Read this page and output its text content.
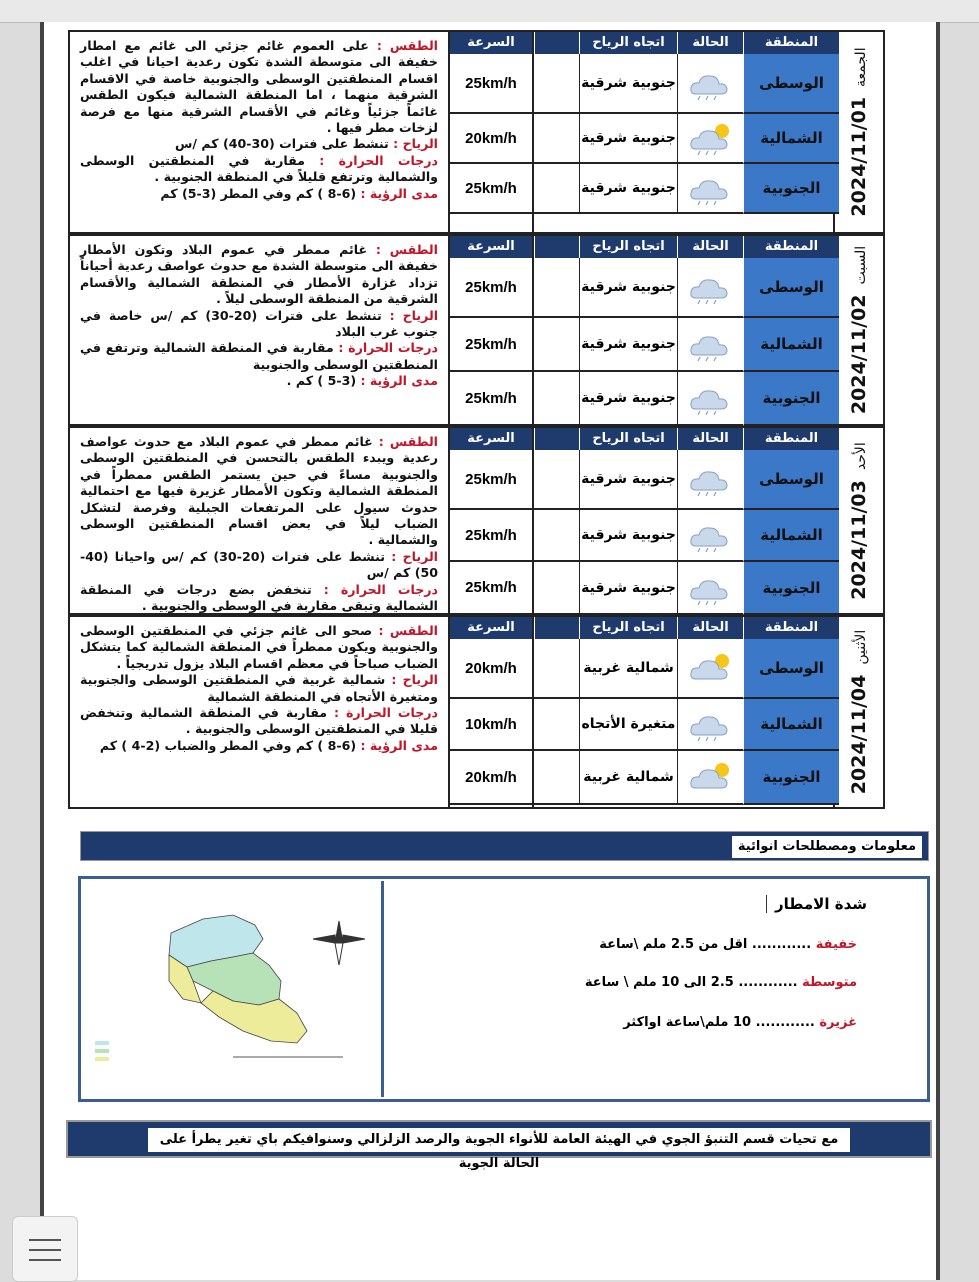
الجمعة2024/11/01
المنطقة
الحالة
اتجاه الرياح
الوسطى
جنوبية شرقية
الشمالية
جنوبية شرقية
الجنوبية
جنوبية شرقية
الطقس : على العموم غائم جزئي الى غائم مع امطار خفيفة الى متوسطة الشدة تكون رعدية احيانا في اغلب اقسام المنطقتين الوسطى والجنوبية خاصة في الاقسام الشرقية منهما ، اما المنطقة الشمالية فيكون الطقس غائماً جزئياً وغائم في الأقسام الشرقية منها مع فرصة لزخات مطر فيها .
الرياح : تنشط على فترات (30-40) كم /س
درجات الحرارة : مقاربة في المنطقتين الوسطى والشمالية وترتفع قليلاً في المنطقة الجنوبية .
مدى الرؤية : (6-8 ) كم وفي المطر (3-5) كم
السرعة
25km/h
20km/h
25km/h
السبت2024/11/02
المنطقة
الحالة
اتجاه الرياح
الوسطى
جنوبية شرقية
الشمالية
جنوبية شرقية
الجنوبية
جنوبية شرقية
الطقس : غائم ممطر في عموم البلاد وتكون الأمطار خفيفة الى متوسطة الشدة مع حدوث عواصف رعدية أحياناً تزداد غزارة الأمطار في المنطقة الشمالية والأقسام الشرقية من المنطقة الوسطى ليلاً .
الرياح : تنشط على فترات (20-30) كم /س خاصة في جنوب غرب البلاد
درجات الحرارة : مقاربة في المنطقة الشمالية وترتفع في المنطقتين الوسطى والجنوبية
مدى الرؤية : (3-5 ) كم .
السرعة
25km/h
25km/h
25km/h
الأحد2024/11/03
المنطقة
الحالة
اتجاه الرياح
الوسطى
جنوبية شرقية
الشمالية
جنوبية شرقية
الجنوبية
جنوبية شرقية
الطقس : غائم ممطر في عموم البلاد مع حدوث عواصف رعدية ويبدء الطقس بالتحسن في المنطقتين الوسطى والجنوبية مساءً في حين يستمر الطقس ممطراً في المنطقة الشمالية وتكون الأمطار غزيرة فيها مع احتمالية حدوث سيول على المرتفعات الجبلية وفرصة لتشكل الضباب ليلاً في بعض اقسام المنطقتين الوسطى والشمالية .
الرياح : تنشط على فترات (20-30) كم /س واحيانا (40-50) كم /س
درجات الحرارة : تنخفض بضع درجات في المنطقة الشمالية وتبقى مقاربة في الوسطى والجنوبية .

السرعة
25km/h
25km/h
25km/h
الأثنين2024/11/04
المنطقة
الحالة
اتجاه الرياح
الوسطى
شمالية غربية
الشمالية
متغيرة الأتجاه
الجنوبية
شمالية غربية
الطقس : صحو الى غائم جزئي في المنطقتين الوسطى والجنوبية ويكون ممطراً في المنطقة الشمالية كما يتشكل الضباب صباحاً في معظم اقسام البلاد يزول تدريجياً .
الرياح : شمالية غربية في المنطقتين الوسطى والجنوبية ومتغيرة الأتجاه في المنطقة الشمالية
درجات الحرارة : مقاربة في المنطقة الشمالية وتنخفض قليلا في المنطقتين الوسطى والجنوبية .
مدى الرؤية : (6-8 ) كم وفي المطر والضباب (2-4 ) كم
السرعة
20km/h
10km/h
20km/h
معلومات ومصطلحات انوائية
شدة الامطار
خفيفة ............ اقل من 2.5 ملم \ساعة
متوسطة ............ 2.5 الى 10 ملم \ ساعة
غزيرة ............ 10 ملم\ساعة اواكثر
مع تحيات قسم التنبؤ الجوي في الهيئة العامة للأنواء الجوية والرصد الزلزالي وسنوافيكم باي تغير يطرأ على الحالة الجوية
